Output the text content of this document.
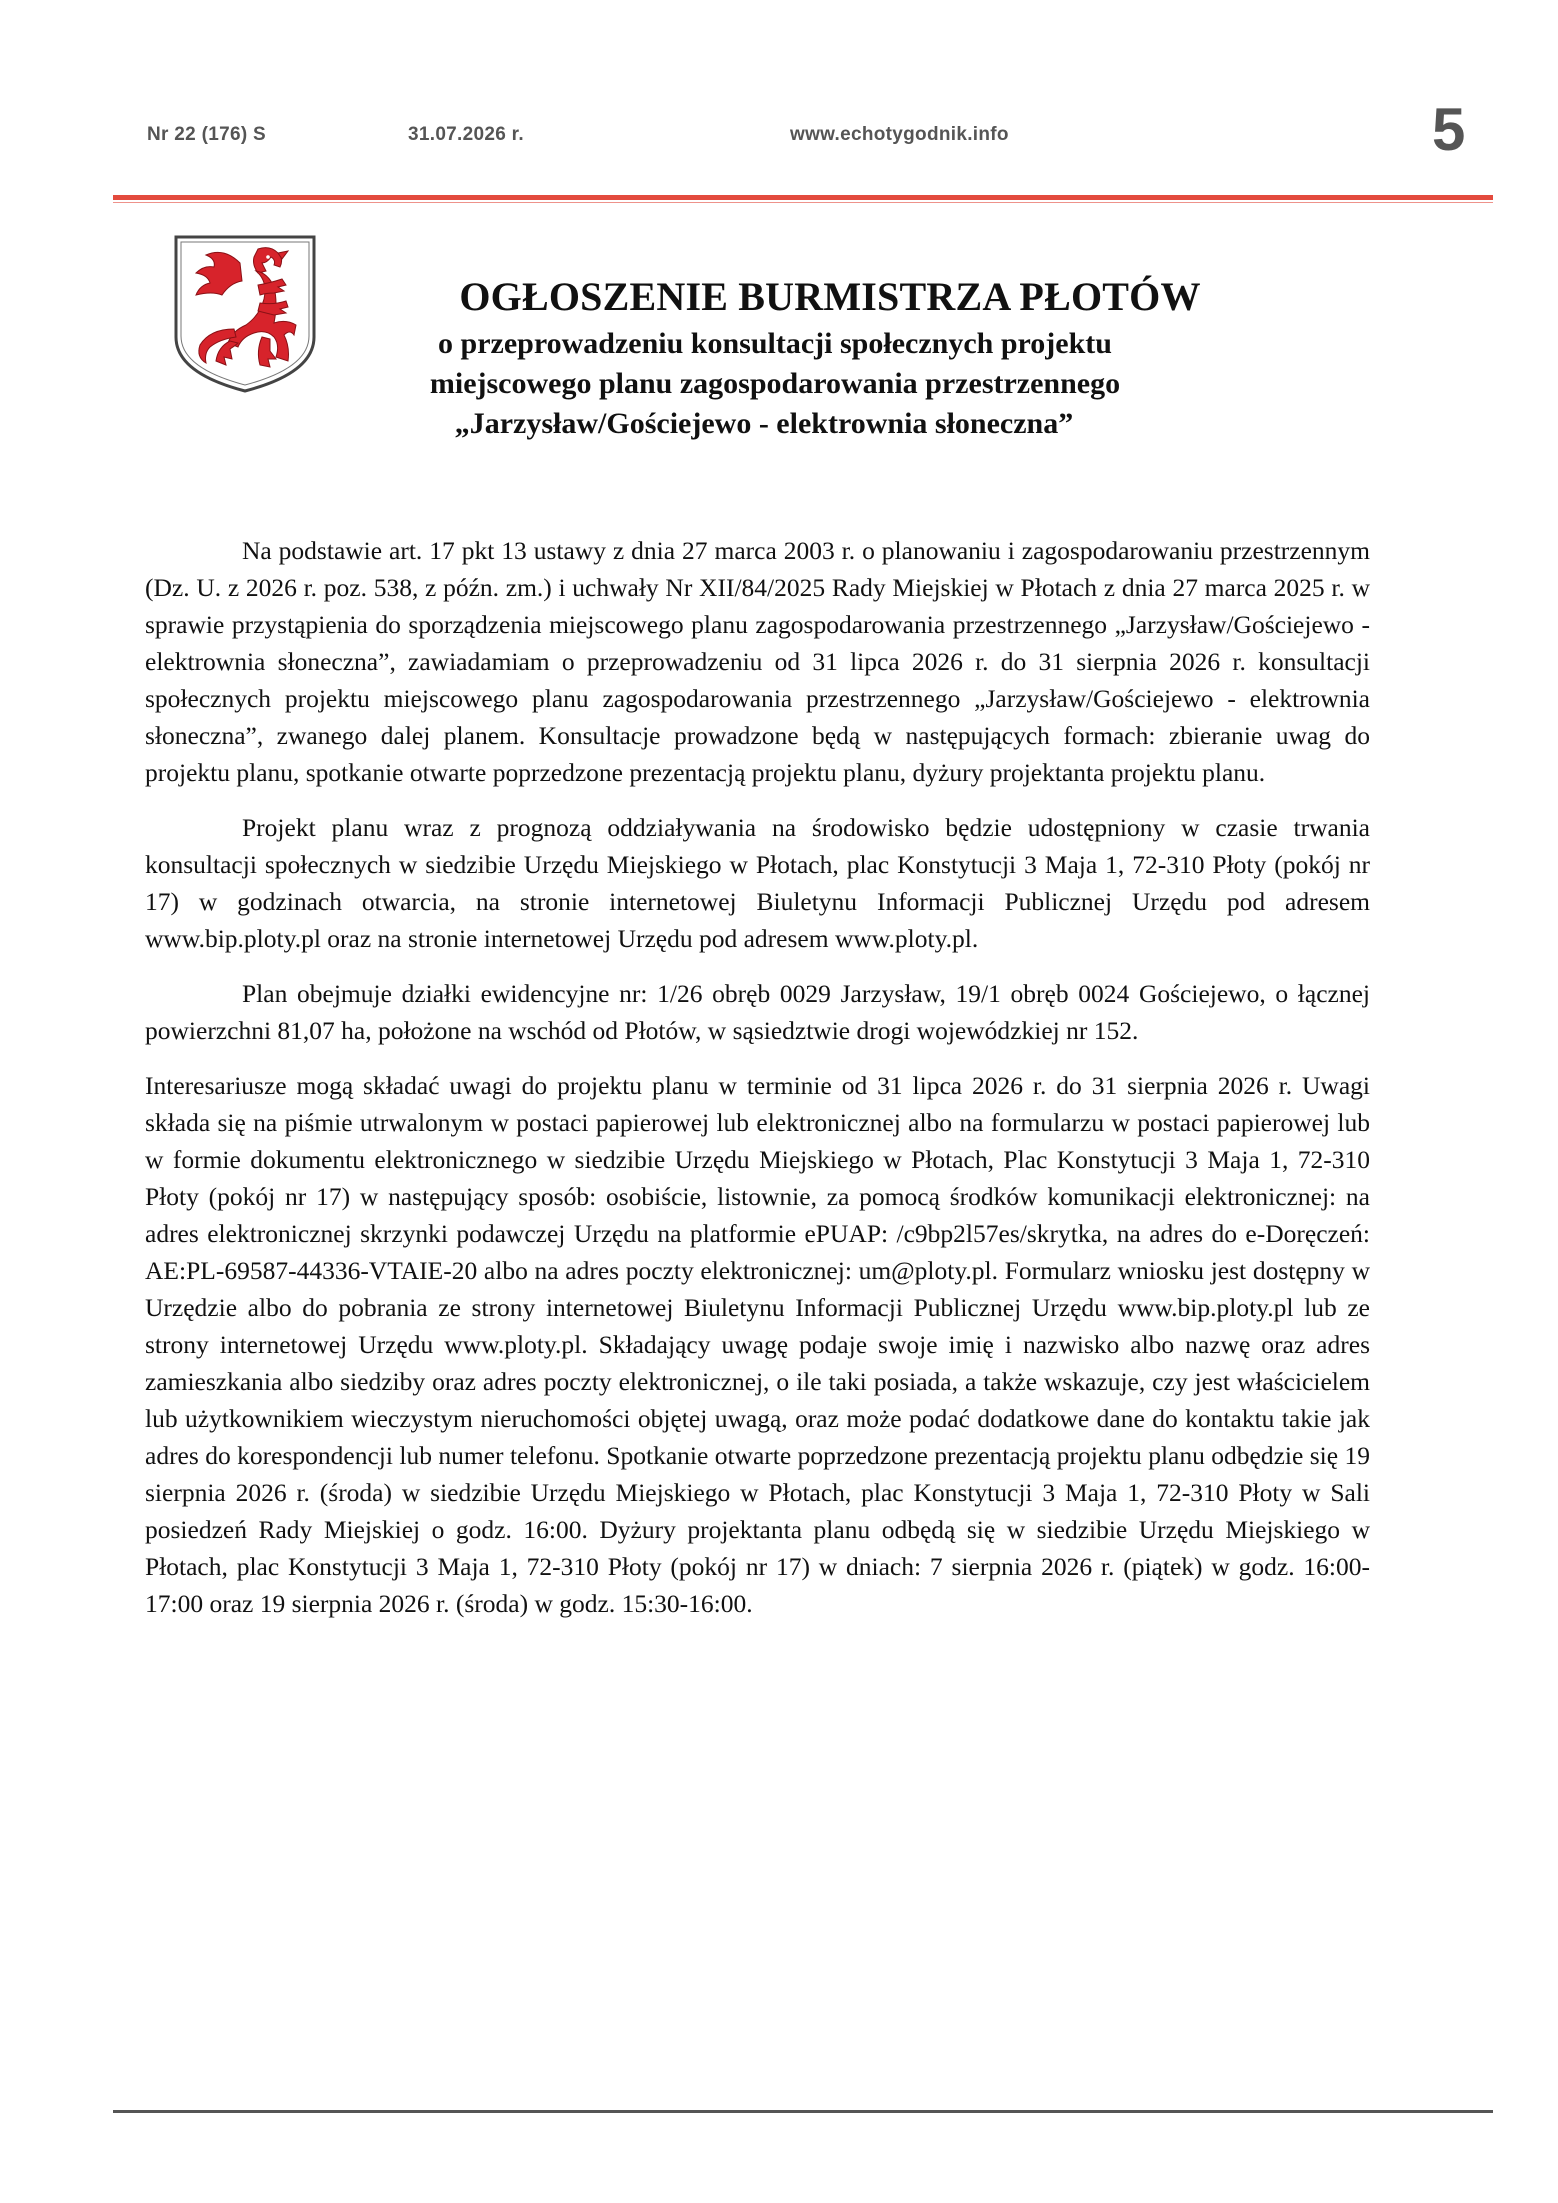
Nr 22 (176) S	31.07.2026 r.	www.echotygodnik.info	5
OGŁOSZENIE BURMISTRZA PŁOTÓW
o przeprowadzeniu konsultacji społecznych projektu
miejscowego planu zagospodarowania przestrzennego
„Jarzysław/Gościejewo - elektrownia słoneczna”

Na podstawie art. 17 pkt 13 ustawy z dnia 27 marca 2003 r. o planowaniu i zagospodarowaniu przestrzennym (Dz. U. z 2026 r. poz. 538, z późn. zm.) i uchwały Nr XII/84/2025 Rady Miejskiej w Płotach z dnia 27 marca 2025 r. w sprawie przystąpienia do sporządzenia miejscowego planu zagospodarowania przestrzennego „Jarzysław/Gościejewo - elektrownia słoneczna”, zawiadamiam o przeprowadzeniu od 31 lipca 2026 r. do 31 sierpnia 2026 r. konsultacji społecznych projektu miejscowego planu zagospodarowania przestrzennego „Jarzysław/Gościejewo - elektrownia słoneczna”, zwanego dalej planem. Konsultacje prowadzone będą w następujących formach: zbieranie uwag do projektu planu, spotkanie otwarte poprzedzone prezentacją projektu planu, dyżury projektanta projektu planu.

Projekt planu wraz z prognozą oddziaływania na środowisko będzie udostępniony w czasie trwania konsultacji społecznych w siedzibie Urzędu Miejskiego w Płotach, plac Konstytucji 3 Maja 1, 72-310 Płoty (pokój nr 17) w godzinach otwarcia, na stronie internetowej Biuletynu Informacji Publicznej Urzędu pod adresem www.bip.ploty.pl oraz na stronie internetowej Urzędu pod adresem www.ploty.pl.

Plan obejmuje działki ewidencyjne nr: 1/26 obręb 0029 Jarzysław, 19/1 obręb 0024 Gościejewo, o łącznej powierzchni 81,07 ha, położone na wschód od Płotów, w sąsiedztwie drogi wojewódzkiej nr 152.

Interesariusze mogą składać uwagi do projektu planu w terminie od 31 lipca 2026 r. do 31 sierpnia 2026 r. Uwagi składa się na piśmie utrwalonym w postaci papierowej lub elektronicznej albo na formularzu w postaci papierowej lub w formie dokumentu elektronicznego w siedzibie Urzędu Miejskiego w Płotach, Plac Konstytucji 3 Maja 1, 72-310 Płoty (pokój nr 17) w następujący sposób: osobiście, listownie, za pomocą środków komunikacji elektronicznej: na adres elektronicznej skrzynki podawczej Urzędu na platformie ePUAP: /c9bp2l57es/skrytka, na adres do e-Doręczeń: AE:PL-69587-44336-VTAIE-20 albo na adres poczty elektronicznej: um@ploty.pl. Formularz wniosku jest dostępny w Urzędzie albo do pobrania ze strony internetowej Biuletynu Informacji Publicznej Urzędu www.bip.ploty.pl lub ze strony internetowej Urzędu www.ploty.pl. Składający uwagę podaje swoje imię i nazwisko albo nazwę oraz adres zamieszkania albo siedziby oraz adres poczty elektronicznej, o ile taki posiada, a także wskazuje, czy jest właścicielem lub użytkownikiem wieczystym nieruchomości objętej uwagą, oraz może podać dodatkowe dane do kontaktu takie jak adres do korespondencji lub numer telefonu. Spotkanie otwarte poprzedzone prezentacją projektu planu odbędzie się 19 sierpnia 2026 r. (środa) w siedzibie Urzędu Miejskiego w Płotach, plac Konstytucji 3 Maja 1, 72-310 Płoty w Sali posiedzeń Rady Miejskiej o godz. 16:00. Dyżury projektanta planu odbędą się w siedzibie Urzędu Miejskiego w Płotach, plac Konstytucji 3 Maja 1, 72-310 Płoty (pokój nr 17) w dniach: 7 sierpnia 2026 r. (piątek) w godz. 16:00-17:00 oraz 19 sierpnia 2026 r. (środa) w godz. 15:30-16:00.
